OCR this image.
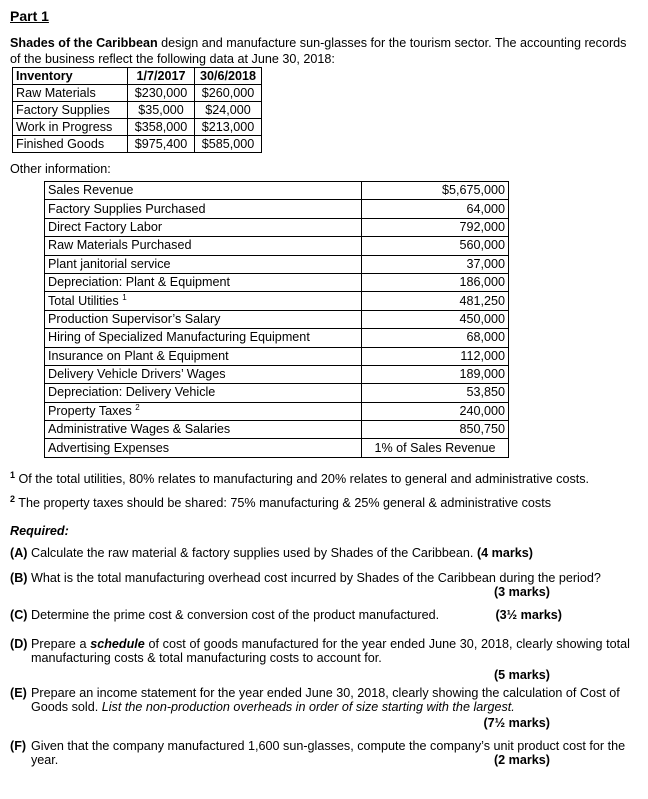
Part 1
Shades of the Caribbean design and manufacture sun-glasses for the tourism sector. The accounting records of the business reflect the following data at June 30, 2018:
Inventory	1/7/2017	30/6/2018
Raw Materials	$230,000	$260,000
Factory Supplies	$35,000	$24,000
Work in Progress	$358,000	$213,000
Finished Goods	$975,400	$585,000
Other information:
Sales Revenue	$5,675,000
Factory Supplies Purchased	64,000
Direct Factory Labor	792,000
Raw Materials Purchased	560,000
Plant janitorial service	37,000
Depreciation: Plant & Equipment	186,000
Total Utilities $^1$	481,250
Production Supervisor’s Salary	450,000
Hiring of Specialized Manufacturing Equipment	68,000
Insurance on Plant & Equipment	112,000
Delivery Vehicle Drivers’ Wages	189,000
Depreciation: Delivery Vehicle	53,850
Property Taxes $^2$	240,000
Administrative Wages & Salaries	850,750
Advertising Expenses	1% of Sales Revenue
$^1$ Of the total utilities, 80% relates to manufacturing and 20% relates to general and administrative costs.
$^2$ The property taxes should be shared: 75% manufacturing & 25% general & administrative costs
Required:
(A) Calculate the raw material & factory supplies used by Shades of the Caribbean. (4 marks)
(B) What is the total manufacturing overhead cost incurred by Shades of the Caribbean during the period?
(3 marks)
(C) Determine the prime cost & conversion cost of the product manufactured.	(3½ marks)
(D) Prepare a schedule of cost of goods manufactured for the year ended June 30, 2018, clearly showing total manufacturing costs & total manufacturing costs to account for.
(5 marks)
(E) Prepare an income statement for the year ended June 30, 2018, clearly showing the calculation of Cost of Goods sold. List the non-production overheads in order of size starting with the largest.
(7½ marks)
(F) Given that the company manufactured 1,600 sun-glasses, compute the company’s unit product cost for the year.	(2 marks)
